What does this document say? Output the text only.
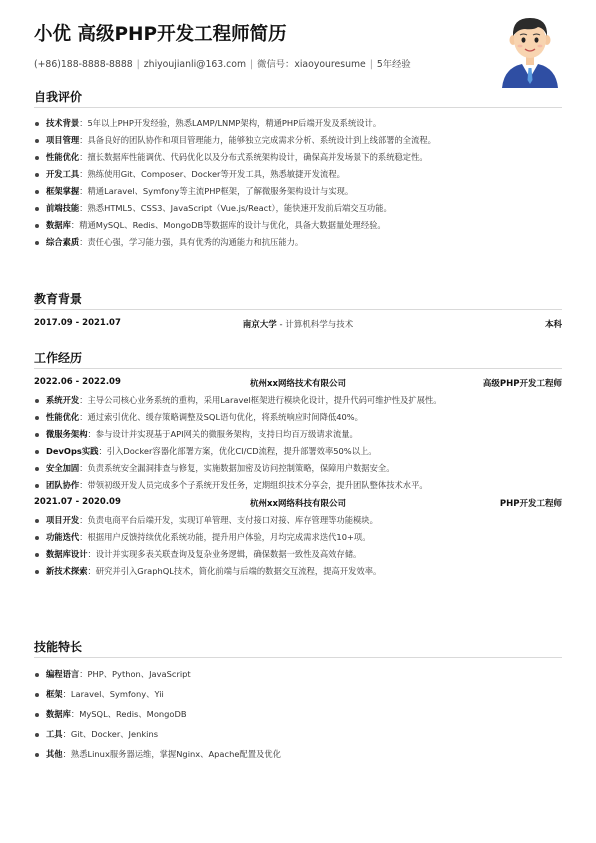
小优 高级PHP开发工程师简历
(+86)188-8888-8888 | zhiyoujianli@163.com | 微信号：xiaoyouresume | 5年经验
自我评价
技术背景：5年以上PHP开发经验，熟悉LAMP/LNMP架构，精通PHP后端开发及系统设计。
项目管理：具备良好的团队协作和项目管理能力，能够独立完成需求分析、系统设计到上线部署的全流程。
性能优化：擅长数据库性能调优、代码优化以及分布式系统架构设计，确保高并发场景下的系统稳定性。
开发工具：熟练使用Git、Composer、Docker等开发工具，熟悉敏捷开发流程。
框架掌握：精通Laravel、Symfony等主流PHP框架，了解微服务架构设计与实现。
前端技能：熟悉HTML5、CSS3、JavaScript（Vue.js/React），能快速开发前后端交互功能。
数据库：精通MySQL、Redis、MongoDB等数据库的设计与优化，具备大数据量处理经验。
综合素质：责任心强，学习能力强，具有优秀的沟通能力和抗压能力。
教育背景
2017.09 - 2021.07	南京大学 - 计算机科学与技术	本科
工作经历
2022.06 - 2022.09	杭州xx网络技术有限公司	高级PHP开发工程师
系统开发：主导公司核心业务系统的重构，采用Laravel框架进行模块化设计，提升代码可维护性及扩展性。
性能优化：通过索引优化、缓存策略调整及SQL语句优化，将系统响应时间降低40%。
微服务架构：参与设计并实现基于API网关的微服务架构，支持日均百万级请求流量。
DevOps实践：引入Docker容器化部署方案，优化CI/CD流程，提升部署效率50%以上。
安全加固：负责系统安全漏洞排查与修复，实施数据加密及访问控制策略，保障用户数据安全。
团队协作：带领初级开发人员完成多个子系统开发任务，定期组织技术分享会，提升团队整体技术水平。
2021.07 - 2020.09	杭州xx网络科技有限公司	PHP开发工程师
项目开发：负责电商平台后端开发，实现订单管理、支付接口对接、库存管理等功能模块。
功能迭代：根据用户反馈持续优化系统功能，提升用户体验，月均完成需求迭代10+项。
数据库设计：设计并实现多表关联查询及复杂业务逻辑，确保数据一致性及高效存储。
新技术探索：研究并引入GraphQL技术，简化前端与后端的数据交互流程，提高开发效率。
技能特长
编程语言：PHP、Python、JavaScript
框架：Laravel、Symfony、Yii
数据库：MySQL、Redis、MongoDB
工具：Git、Docker、Jenkins
其他：熟悉Linux服务器运维，掌握Nginx、Apache配置及优化
